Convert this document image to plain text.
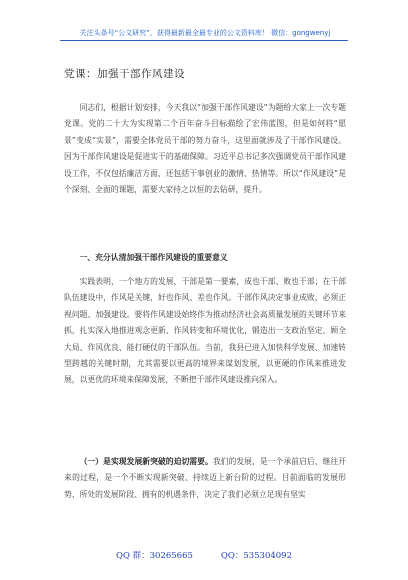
关注头条号“公文研究”，获得最新最全最专业的公文资料库！ 微信：gongwenyj
党课：加强干部作风建设

同志们，根据计划安排，今天我以“加强干部作风建设”为题给大家上一次专题党课。党的二十大为实现第二个百年奋斗目标描绘了宏伟蓝图，但是如何将“愿景”变成“实景”，需要全体党员干部的努力奋斗，这里面就涉及了干部作风建设。因为干部作风建设是促进实干的基础保障。习近平总书记多次强调党员干部作风建设工作，不仅包括廉洁方面，还包括干事创业的激情、热情等。所以“作风建设”是个深刻、全面的课题，需要大家持之以恒的去钻研，提升。

一、充分认清加强干部作风建设的重要意义

实践表明，一个地方的发展，干部是第一要素，成也干部、败也干部；在干部队伍建设中，作风是关键，好也作风、差也作风。干部作风决定事业成败，必须正视问题、加强建设。要将作风建设始终作为推动经济社会高质量发展的关键环节来抓，扎实深入地推进观念更新、作风转变和环境优化，锻造出一支政治坚定、顾全大局、作风优良、能打硬仗的干部队伍。当前，我县已进入加快科学发展、加速转型跨越的关键时期，尤其需要以更高的境界来谋划发展，以更硬的作风来推进发展，以更优的环境来保障发展，不断把干部作风建设推向深入。

（一）是实现发展新突破的迫切需要。我们的发展，是一个承前启后、继往开来的过程，是一个不断实现新突破、持续迈上新台阶的过程。目前面临的发展形势、所处的发展阶段、拥有的机遇条件，决定了我们必须立足现有坚实

QQ 群：30265665	QQ：535304092
